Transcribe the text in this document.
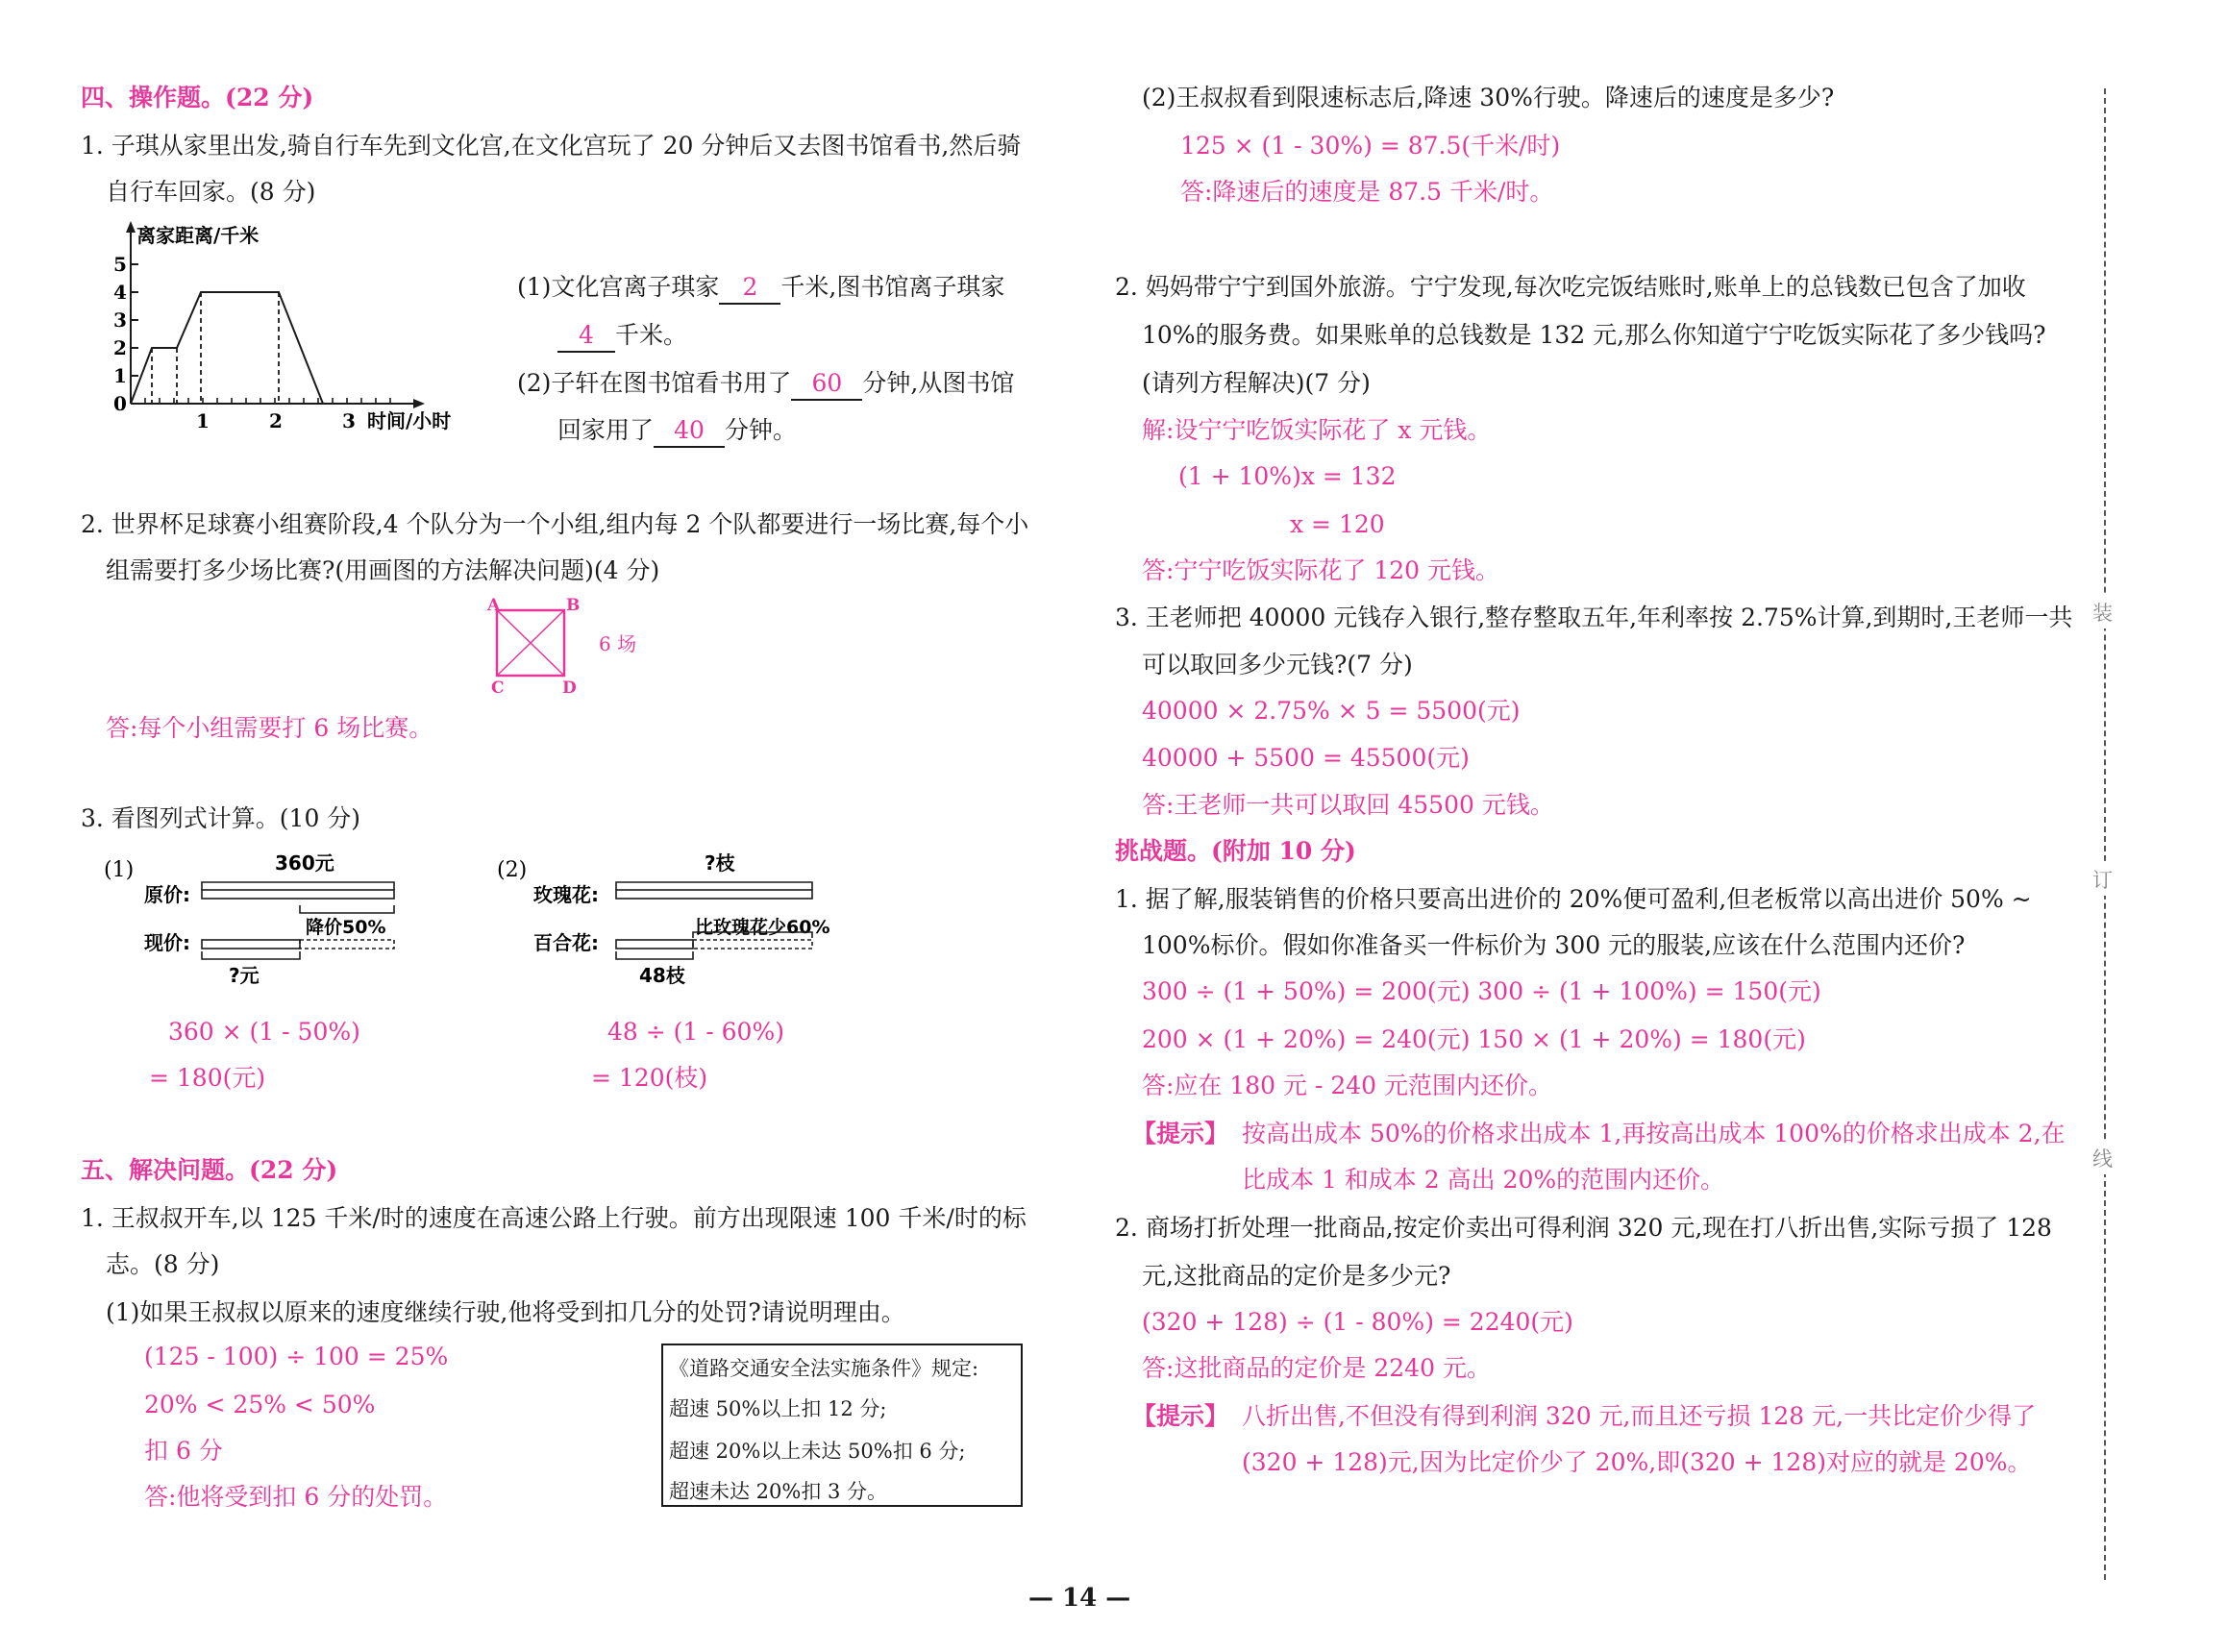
四、操作题。(22 分)
1. 子琪从家里出发,骑自行车先到文化宫,在文化宫玩了 20 分钟后又去图书馆看书,然后骑
自行车回家。(8 分)
离家距离/千米
0
1
2
3
4
5
1	2	3 时间/小时
(1)文化宫离子琪家 2 千米,图书馆离子琪家
4 千米。
(2)子轩在图书馆看书用了 60 分钟,从图书馆
回家用了 40 分钟。
2. 世界杯足球赛小组赛阶段,4 个队分为一个小组,组内每 2 个队都要进行一场比赛,每个小
组需要打多少场比赛?(用画图的方法解决问题)(4 分)
A	B
C	D
6 场
答:每个小组需要打 6 场比赛。
3. 看图列式计算。(10 分)
(1)	360元
原价:
降价50%
现价:
?元
360 × (1 - 50%)
= 180(元)
(2)	?枝
玫瑰花:
比玫瑰花少60%
百合花:
48枝
48 ÷ (1 - 60%)
= 120(枝)
五、解决问题。(22 分)
1. 王叔叔开车,以 125 千米/时的速度在高速公路上行驶。前方出现限速 100 千米/时的标
志。(8 分)
(1)如果王叔叔以原来的速度继续行驶,他将受到扣几分的处罚?请说明理由。
(125 - 100) ÷ 100 = 25%
20% < 25% < 50%
扣 6 分
答:他将受到扣 6 分的处罚。
《道路交通安全法实施条件》规定:
超速 50%以上扣 12 分;
超速 20%以上未达 50%扣 6 分;
超速未达 20%扣 3 分。
(2)王叔叔看到限速标志后,降速 30%行驶。降速后的速度是多少?
125 × (1 - 30%) = 87.5(千米/时)
答:降速后的速度是 87.5 千米/时。
2. 妈妈带宁宁到国外旅游。宁宁发现,每次吃完饭结账时,账单上的总钱数已包含了加收
10%的服务费。如果账单的总钱数是 132 元,那么你知道宁宁吃饭实际花了多少钱吗?
(请列方程解决)(7 分)
解:设宁宁吃饭实际花了 x 元钱。
(1 + 10%)x = 132
x = 120
答:宁宁吃饭实际花了 120 元钱。
3. 王老师把 40000 元钱存入银行,整存整取五年,年利率按 2.75%计算,到期时,王老师一共
可以取回多少元钱?(7 分)
40000 × 2.75% × 5 = 5500(元)
40000 + 5500 = 45500(元)
答:王老师一共可以取回 45500 元钱。
挑战题。(附加 10 分)
1. 据了解,服装销售的价格只要高出进价的 20%便可盈利,但老板常以高出进价 50% ~
100%标价。假如你准备买一件标价为 300 元的服装,应该在什么范围内还价?
300 ÷ (1 + 50%) = 200(元) 300 ÷ (1 + 100%) = 150(元)
200 × (1 + 20%) = 240(元) 150 × (1 + 20%) = 180(元)
答:应在 180 元 - 240 元范围内还价。
【提示】 按高出成本 50%的价格求出成本 1,再按高出成本 100%的价格求出成本 2,在
比成本 1 和成本 2 高出 20%的范围内还价。
2. 商场打折处理一批商品,按定价卖出可得利润 320 元,现在打八折出售,实际亏损了 128
元,这批商品的定价是多少元?
(320 + 128) ÷ (1 - 80%) = 2240(元)
答:这批商品的定价是 2240 元。
【提示】 八折出售,不但没有得到利润 320 元,而且还亏损 128 元,一共比定价少得了
(320 + 128)元,因为比定价少了 20%,即(320 + 128)对应的就是 20%。
装
订
线
— 14 —
